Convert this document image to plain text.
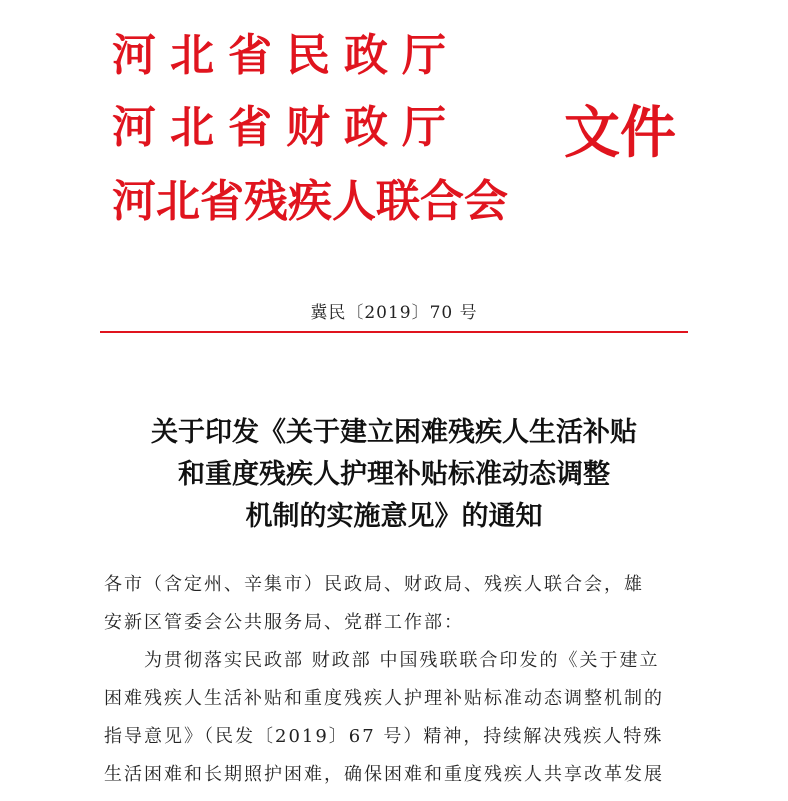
河北省民政厅
河北省财政厅
河北省残疾人联合会
文件
冀民〔2019〕70 号
关于印发《关于建立困难残疾人生活补贴
和重度残疾人护理补贴标准动态调整
机制的实施意见》的通知
各市（含定州、辛集市）民政局、财政局、残疾人联合会，雄
安新区管委会公共服务局、党群工作部：
为贯彻落实民政部 财政部 中国残联联合印发的《关于建立
困难残疾人生活补贴和重度残疾人护理补贴标准动态调整机制的
指导意见》（民发〔2019〕67 号）精神，持续解决残疾人特殊
生活困难和长期照护困难，确保困难和重度残疾人共享改革发展
